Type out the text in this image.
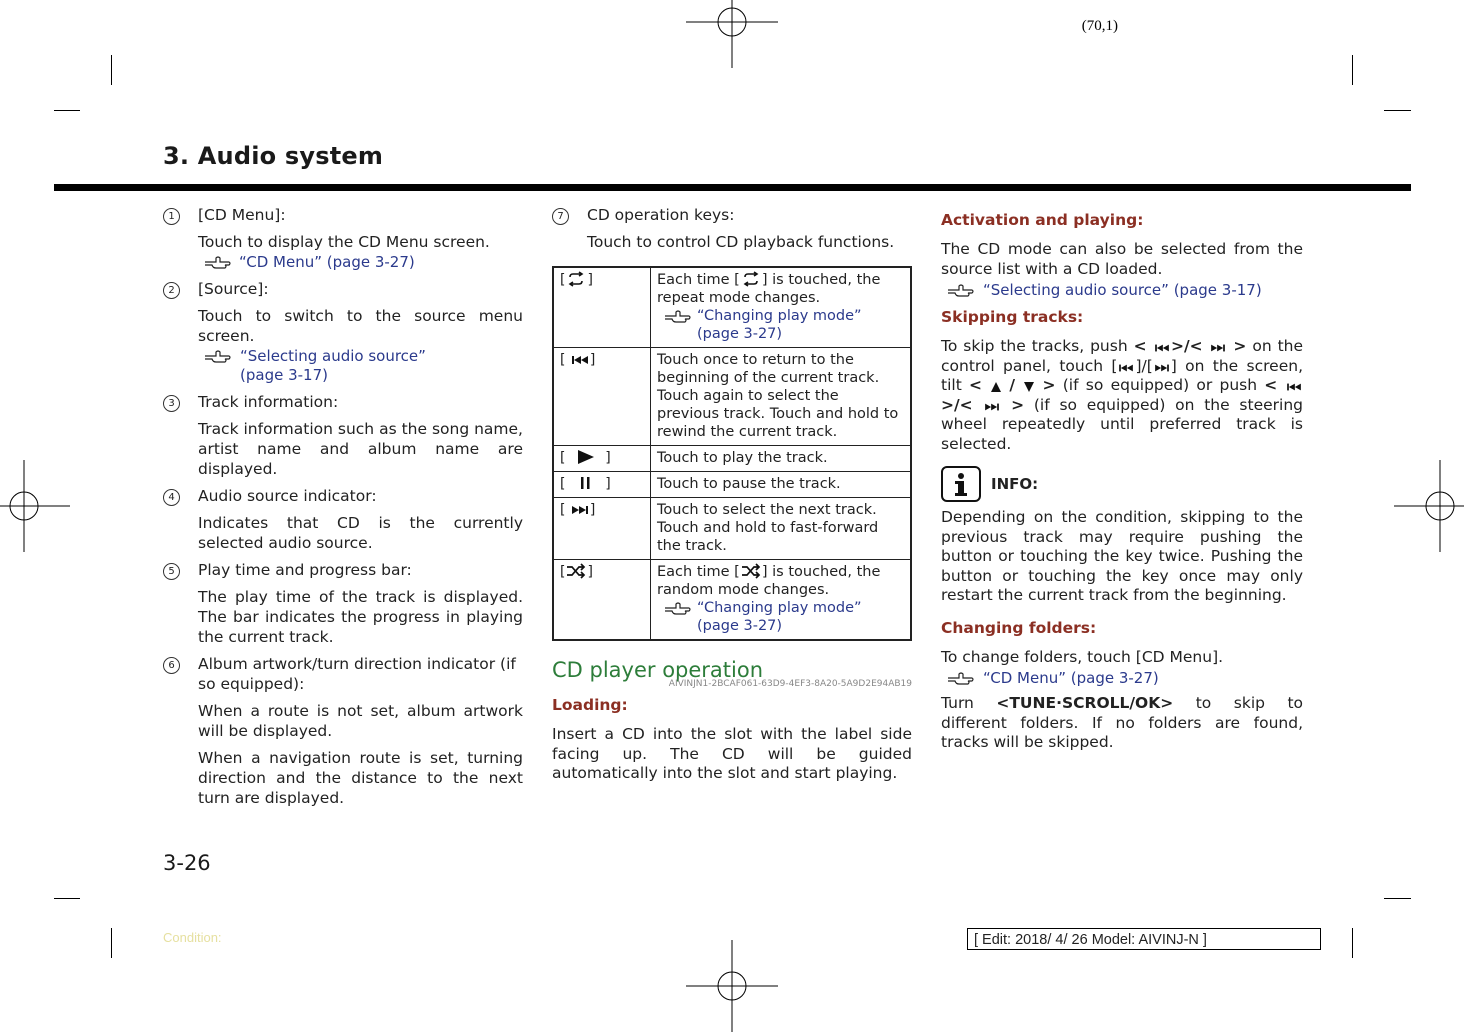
(70,1)
3. Audio system
1	[CD Menu]:

Touch to display the CD Menu screen.

“CD Menu” (page 3-27)

2	[Source]:

Touch to switch to the source menu screen.

“Selecting audio source” (page 3-17)

3	Track information:

Track information such as the song name, artist name and album name are displayed.

4	Audio source indicator:

Indicates that CD is the currently selected audio source.

5	Play time and progress bar:

The play time of the track is displayed. The bar indicates the progress in playing the current track.

6	Album artwork/turn direction indicator (if so equipped):

When a route is not set, album artwork will be displayed.

When a navigation route is set, turning direction and the distance to the next turn are displayed.

7	CD operation keys:

Touch to control CD playback functions.

[ ]	Each time [ ] is touched, the repeat mode changes.
“Changing play mode” (page 3-27)

[ ]	Touch once to return to the beginning of the current track. Touch again to select the previous track. Touch and hold to rewind the current track.
[    ]	Touch to play the track.
[    ]	Touch to pause the track.
[ ]	Touch to select the next track. Touch and hold to fast-forward the track.
[ ]	Each time [ ] is touched, the random mode changes.
“Changing play mode” (page 3-27)
CD player operation
AIVINJN1-2BCAF061-63D9-4EF3-8A20-5A9D2E94AB19

Loading:

Insert a CD into the slot with the label side facing up. The CD will be guided automatically into the slot and start playing.

Activation and playing:

The CD mode can also be selected from the source list with a CD loaded.

“Selecting audio source” (page 3-17)

Skipping tracks:

To skip the tracks, push < >/<  > on the control panel, touch [ ]/[ ] on the screen, tilt <  /  > (if so equipped) or push < >/<  > (if so equipped) on the steering wheel repeatedly until preferred track is selected.

INFO:

Depending on the condition, skipping to the previous track may require pushing the button or touching the key twice. Pushing the button or touching the key once may only restart the current track from the beginning.

Changing folders:

To change folders, touch [CD Menu].

“CD Menu” (page 3-27)

Turn <TUNE·SCROLL/OK> to skip to different folders. If no folders are found, tracks will be skipped.

3-26
Condition:	[ Edit: 2018/ 4/ 26 Model: AIVINJ-N ]
